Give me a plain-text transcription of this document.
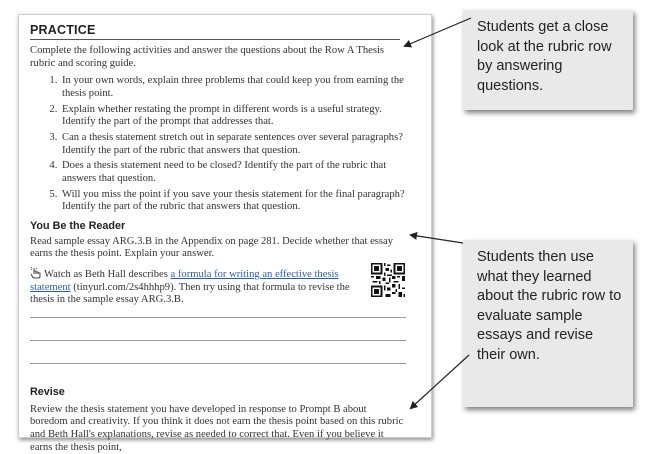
PRACTICE
Complete the following activities and answer the questions about the Row A Thesis rubric and scoring guide.
1. In your own words, explain three problems that could keep you from earning the thesis point.
2. Explain whether restating the prompt in different words is a useful strategy. Identify the part of the prompt that addresses that.
3. Can a thesis statement stretch out in separate sentences over several paragraphs? Identify the part of the rubric that answers that question.
4. Does a thesis statement need to be closed? Identify the part of the rubric that answers that question.
5. Will you miss the point if you save your thesis statement for the final paragraph? Identify the part of the rubric that answers that question.
You Be the Reader
Read sample essay ARG.3.B in the Appendix on page 281. Decide whether that essay earns the thesis point. Explain your answer.
Watch as Beth Hall describes a formula for writing an effective thesis statement (tinyurl.com/2s4hhhp9). Then try using that formula to revise the thesis in the sample essay ARG.3.B.
Revise
Review the thesis statement you have developed in response to Prompt B about boredom and creativity. If you think it does not earn the thesis point based on this rubric and Beth Hall's explanations, revise as needed to correct that. Even if you believe it earns the thesis point,
Students get a close look at the rubric row by answering questions.
Students then use what they learned about the rubric row to evaluate sample essays and revise their own.
